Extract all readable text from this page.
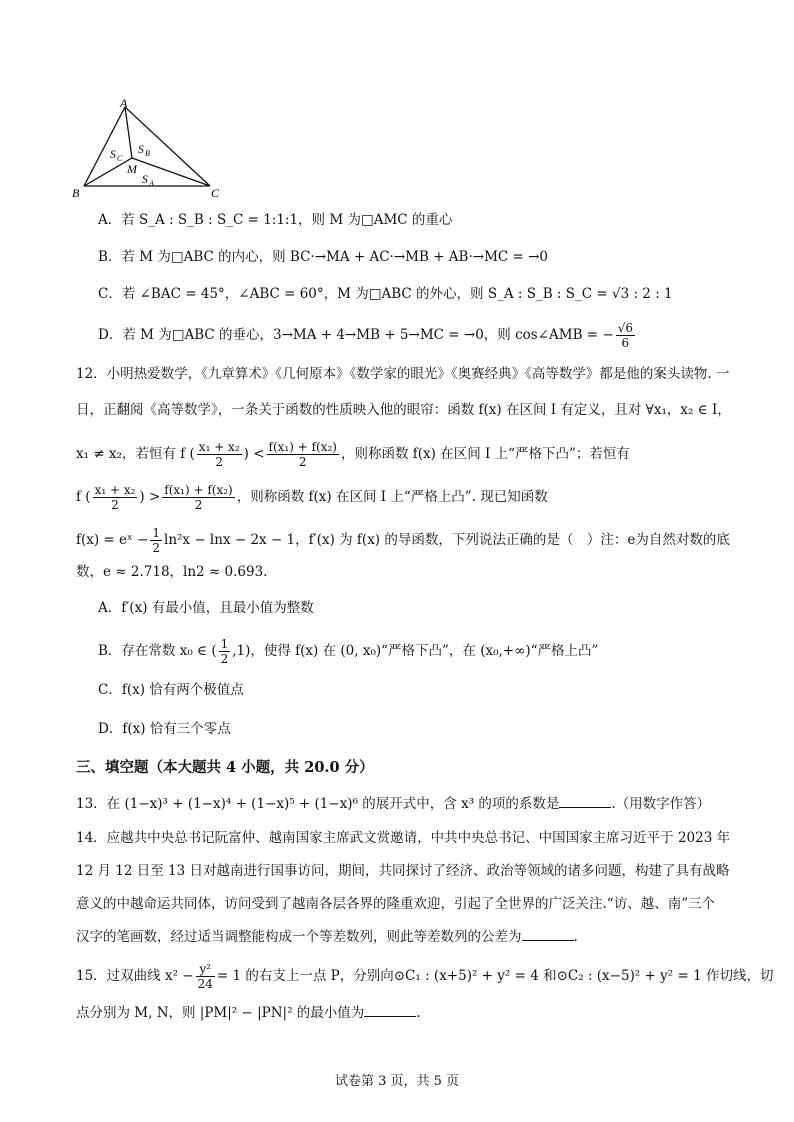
A
B	C
M
S C
S B
S A
A．若 S_A : S_B : S_C = 1:1:1，则 M 为□AMC 的重心
B．若 M 为□ABC 的内心，则 BC·→MA + AC·→MB + AB·→MC = →0
C．若 ∠BAC = 45°，∠ABC = 60°，M 为□ABC 的外心，则 S_A : S_B : S_C = √3 : 2 : 1
D．若 M 为□ABC 的垂心，3→MA + 4→MB + 5→MC = →0，则 cos∠AMB = − $\frac{√6}{6}$
12．小明热爱数学，《九章算术》《几何原本》《数学家的眼光》《奥赛经典》《高等数学》都是他的案头读物. 一
日，正翻阅《高等数学》，一条关于函数的性质映入他的眼帘：函数 f(x) 在区间 I 有定义，且对 ∀x₁，x₂ ∈ I，
x₁ ≠ x₂，若恒有 f ( $\frac{\text{x₁ + x₂}}{2}$ ) < $\frac{\text{f(x₁) + f(x₂)}}{2}$ ，则称函数 f(x) 在区间 I 上“严格下凸”；若恒有
f ( $\frac{\text{x₁ + x₂}}{2}$ ) > $\frac{\text{f(x₁) + f(x₂)}}{2}$ ，则称函数 f(x) 在区间 I 上“严格上凸”. 现已知函数
f(x) = eˣ − $\frac{1}{2} \ln^2x - \ln x - 2x - 1$，f′(x) 为 f(x) 的导函数，下列说法正确的是（　）注：e为自然对数的底
数，e ≈ 2.718，ln2 ≈ 0.693.
A．f′(x) 有最小值，且最小值为整数
B．存在常数 x₀ ∈ ( $\frac{1}{2} ,1$)，使得 f(x) 在 (0, x₀)“严格下凸”，在 (x₀,+∞)“严格上凸”
C．f(x) 恰有两个极值点
D．f(x) 恰有三个零点
三、填空题（本大题共 4 小题，共 20.0 分）
13．在 (1−x)³ + (1−x)⁴ + (1−x)⁵ + (1−x)⁶ 的展开式中，含 x³ 的项的系数是	.（用数字作答）
14．应越共中央总书记阮富仲、越南国家主席武文赏邀请，中共中央总书记、中国国家主席习近平于 2023 年
12 月 12 日至 13 日对越南进行国事访问，期间，共同探讨了经济、政治等领域的诸多问题，构建了具有战略
意义的中越命运共同体，访问受到了越南各层各界的隆重欢迎，引起了全世界的广泛关注.“访、越、南”三个
汉字的笔画数，经过适当调整能构成一个等差数列，则此等差数列的公差为	.
15．过双曲线 $x^2 - \frac{\text{y²}}{24} = 1$ 的右支上一点 P，分别向⊙C₁ : (x+5)² + y² = 4 和⊙C₂ : (x−5)² + y² = 1 作切线，切
点分别为 M, N，则 |PM|² − |PN|² 的最小值为	.
试卷第 3 页，共 5 页
